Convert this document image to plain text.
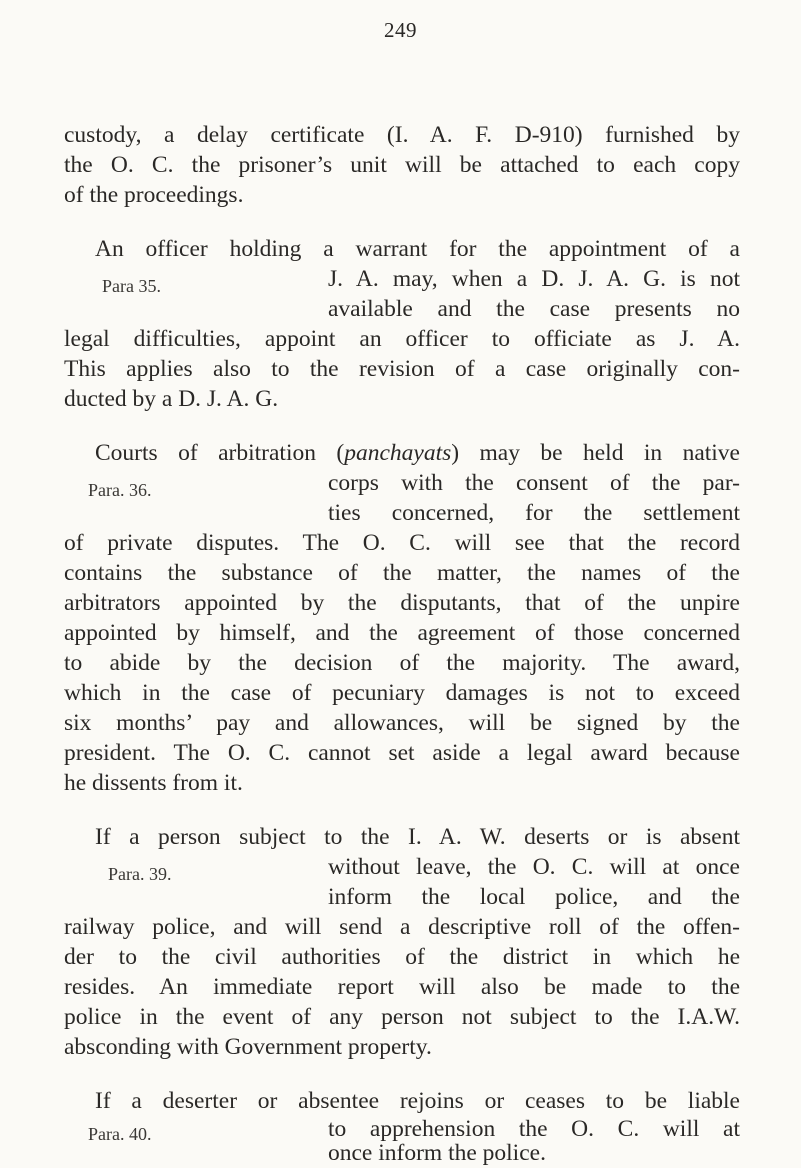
249
custody, a delay certificate (I. A. F. D-910) furnished by
the O. C. the prisoner’s unit will be attached to each copy
of the proceedings.
An officer holding a warrant for the appointment of a
Para 35.	J. A. may, when a D. J. A. G. is not
available and the case presents no
legal difficulties, appoint an officer to officiate as J. A.
This applies also to the revision of a case originally con-
ducted by a D. J. A. G.
Courts of arbitration (panchayats) may be held in native
Para. 36.	corps with the consent of the par-
ties concerned, for the settlement
of private disputes. The O. C. will see that the record
contains the substance of the matter, the names of the
arbitrators appointed by the disputants, that of the unpire
appointed by himself, and the agreement of those concerned
to abide by the decision of the majority. The award,
which in the case of pecuniary damages is not to exceed
six months’ pay and allowances, will be signed by the
president. The O. C. cannot set aside a legal award because
he dissents from it.
If a person subject to the I. A. W. deserts or is absent
Para. 39.	without leave, the O. C. will at once
inform the local police, and the
railway police, and will send a descriptive roll of the offen-
der to the civil authorities of the district in which he
resides. An immediate report will also be made to the
police in the event of any person not subject to the I.A.W.
absconding with Government property.
If a deserter or absentee rejoins or ceases to be liable
Para. 40.	to apprehension the O. C. will at
once inform the police.
